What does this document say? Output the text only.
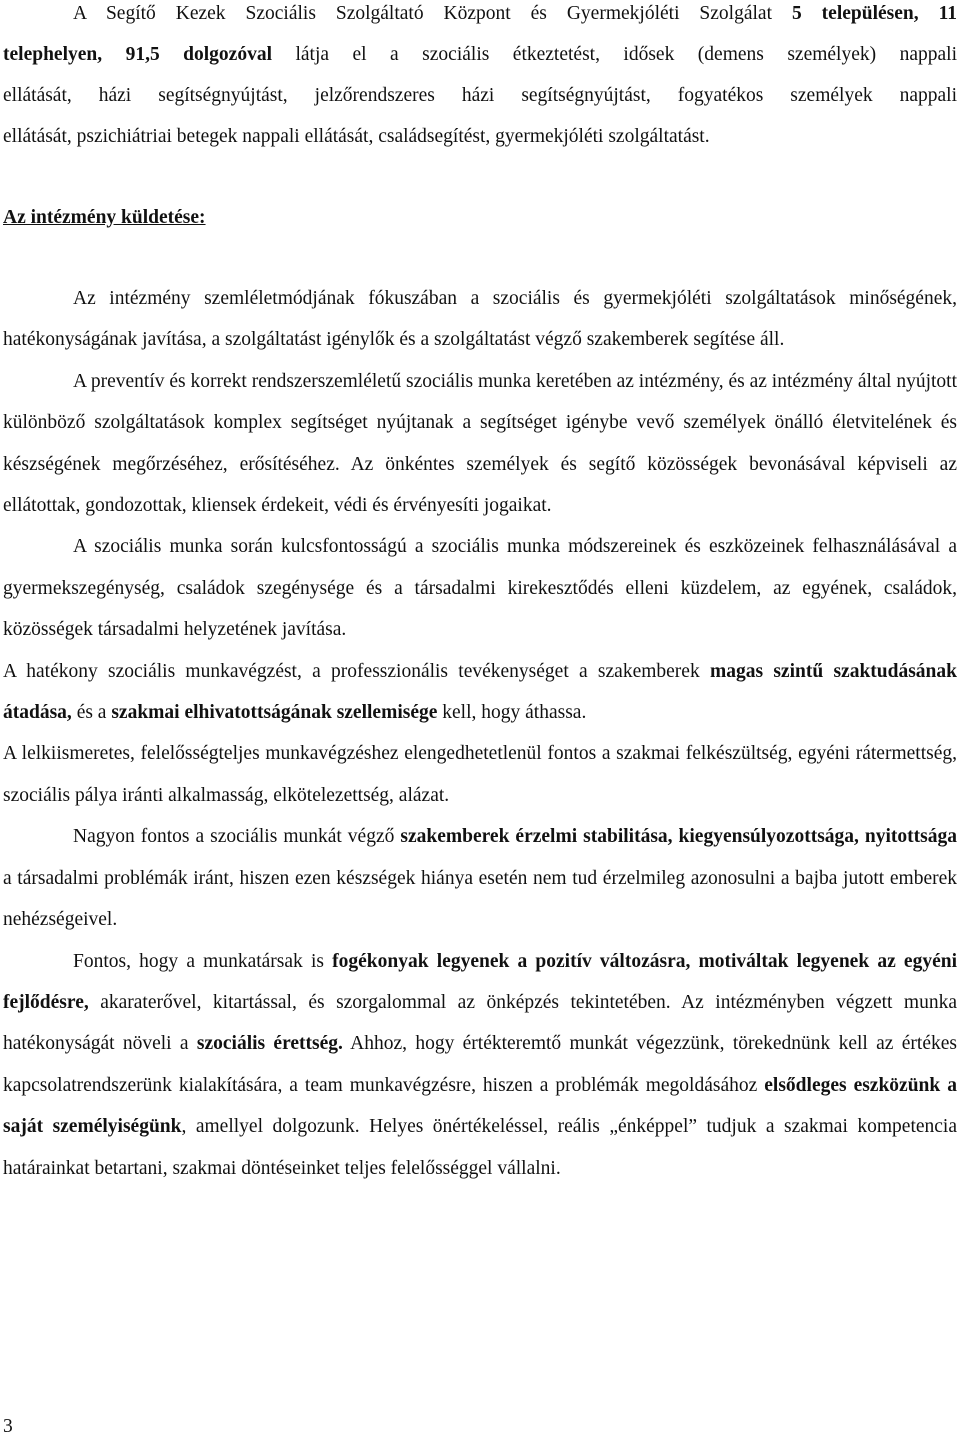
A Segítő Kezek Szociális Szolgáltató Központ és Gyermekjóléti Szolgálat 5 településen, 11
telephelyen, 91,5 dolgozóval látja el a szociális étkeztetést, idősek (demens személyek) nappali
ellátását, házi segítségnyújtást, jelzőrendszeres házi segítségnyújtást, fogyatékos személyek nappali
ellátását, pszichiátriai betegek nappali ellátását, családsegítést, gyermekjóléti szolgáltatást.
Az intézmény küldetése:

Az intézmény szemléletmódjának fókuszában a szociális és gyermekjóléti szolgáltatások minőségének, hatékonyságának javítása, a szolgáltatást igénylők és a szolgáltatást végző szakemberek segítése áll.

A preventív és korrekt rendszerszemléletű szociális munka keretében az intézmény, és az intézmény által nyújtott különböző szolgáltatások komplex segítséget nyújtanak a segítséget igénybe vevő személyek önálló életvitelének és készségének megőrzéséhez, erősítéséhez. Az önkéntes személyek és segítő közösségek bevonásával képviseli az ellátottak, gondozottak, kliensek érdekeit, védi és érvényesíti jogaikat.

A szociális munka során kulcsfontosságú a szociális munka módszereinek és eszközeinek felhasználásával a gyermekszegénység, családok szegénysége és a társadalmi kirekesztődés elleni küzdelem, az egyének, családok, közösségek társadalmi helyzetének javítása.

A hatékony szociális munkavégzést, a professzionális tevékenységet a szakemberek magas szintű szaktudásának átadása, és a szakmai elhivatottságának szellemisége kell, hogy áthassa.

A lelkiismeretes, felelősségteljes munkavégzéshez elengedhetetlenül fontos a szakmai felkészültség, egyéni rátermettség, szociális pálya iránti alkalmasság, elkötelezettség, alázat.

Nagyon fontos a szociális munkát végző szakemberek érzelmi stabilitása, kiegyensúlyozottsága, nyitottsága a társadalmi problémák iránt, hiszen ezen készségek hiánya esetén nem tud érzelmileg azonosulni a bajba jutott emberek nehézségeivel.

Fontos, hogy a munkatársak is fogékonyak legyenek a pozitív változásra, motiváltak legyenek az egyéni fejlődésre, akaraterővel, kitartással, és szorgalommal az önképzés tekintetében. Az intézményben végzett munka hatékonyságát növeli a szociális érettség. Ahhoz, hogy értékteremtő munkát végezzünk, törekednünk kell az értékes kapcsolatrendszerünk kialakítására, a team munkavégzésre, hiszen a problémák megoldásához elsődleges eszközünk a saját személyiségünk, amellyel dolgozunk. Helyes önértékeléssel, reális „énképpel” tudjuk a szakmai kompetencia határainkat betartani, szakmai döntéseinket teljes felelősséggel vállalni.

3
